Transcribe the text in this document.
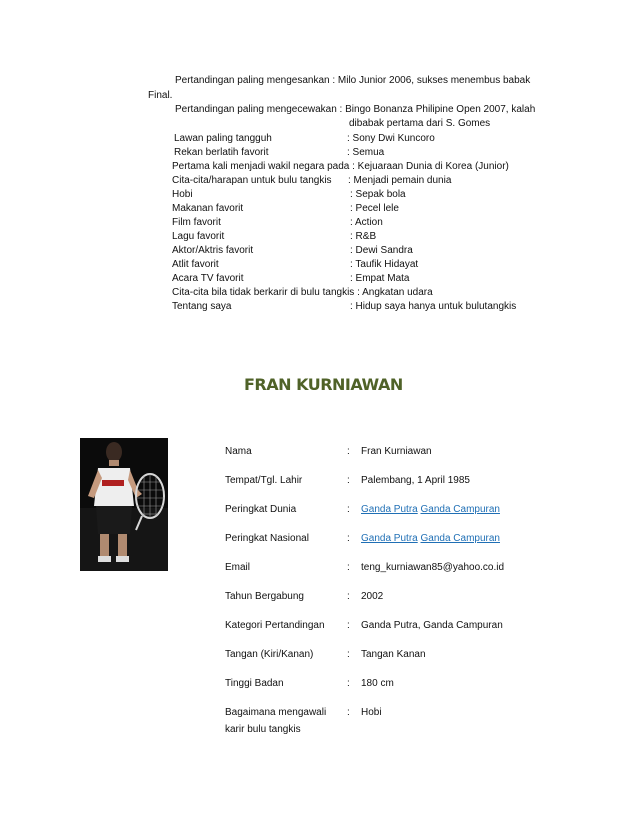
Pertandingan paling mengesankan : Milo Junior 2006, sukses menembus babak
Final.
Pertandingan paling mengecewakan : Bingo Bonanza Philipine Open 2007, kalah
dibabak pertama dari S. Gomes
Lawan paling tangguh	: Sony Dwi Kuncoro
Rekan berlatih favorit	: Semua
Pertama kali menjadi wakil negara pada : Kejuaraan Dunia di Korea (Junior)
Cita-cita/harapan untuk bulu tangkis : Menjadi pemain dunia
Hobi	: Sepak bola
Makanan favorit	: Pecel lele
Film favorit	: Action
Lagu favorit	: R&B
Aktor/Aktris favorit	: Dewi Sandra
Atlit favorit	: Taufik Hidayat
Acara TV favorit	: Empat Mata
Cita-cita bila tidak berkarir di bulu tangkis : Angkatan udara
Tentang saya	: Hidup saya hanya untuk bulutangkis
FRAN KURNIAWAN
Nama	: Fran Kurniawan
Tempat/Tgl. Lahir	: Palembang, 1 April 1985
Peringkat Dunia	: Ganda Putra Ganda Campuran
Peringkat Nasional	: Ganda Putra Ganda Campuran
Email	: teng_kurniawan85@yahoo.co.id
Tahun Bergabung	: 2002
Kategori Pertandingan : Ganda Putra, Ganda Campuran
Tangan (Kiri/Kanan)	: Tangan Kanan
Tinggi Badan	: 180 cm
Bagaimana mengawali
karir bulu tangkis
: Hobi
